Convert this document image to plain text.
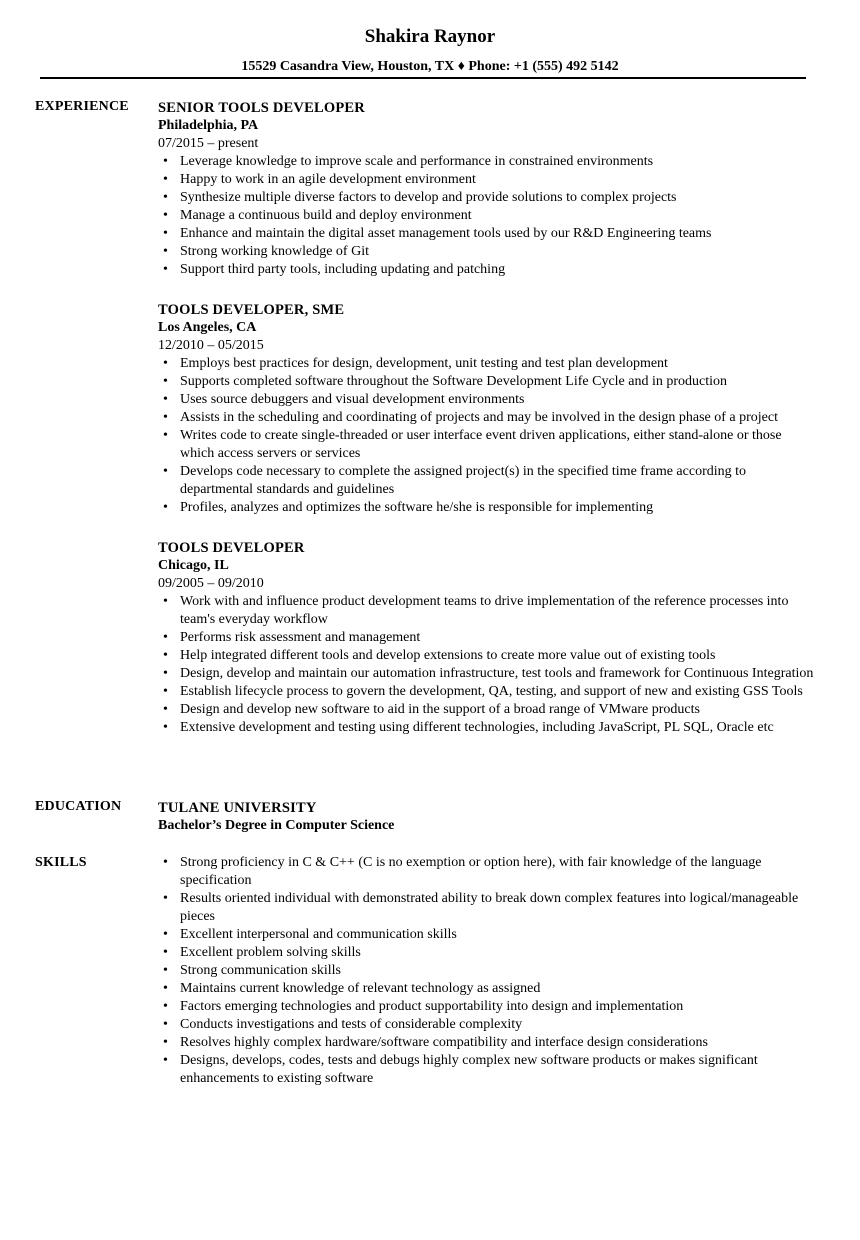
Shakira Raynor
15529 Casandra View, Houston, TX ♦ Phone: +1 (555) 492 5142
EXPERIENCE SENIOR TOOLS DEVELOPER
Philadelphia, PA
07/2015 – present
• Leverage knowledge to improve scale and performance in constrained environments
• Happy to work in an agile development environment
• Synthesize multiple diverse factors to develop and provide solutions to complex projects
• Manage a continuous build and deploy environment
• Enhance and maintain the digital asset management tools used by our R&D Engineering teams
• Strong working knowledge of Git
• Support third party tools, including updating and patching
TOOLS DEVELOPER, SME
Los Angeles, CA
12/2010 – 05/2015
• Employs best practices for design, development, unit testing and test plan development
• Supports completed software throughout the Software Development Life Cycle and in production
• Uses source debuggers and visual development environments
• Assists in the scheduling and coordinating of projects and may be involved in the design phase of a project
• Writes code to create single-threaded or user interface event driven applications, either stand-alone or those which access servers or services
• Develops code necessary to complete the assigned project(s) in the specified time frame according to departmental standards and guidelines
• Profiles, analyzes and optimizes the software he/she is responsible for implementing
TOOLS DEVELOPER
Chicago, IL
09/2005 – 09/2010
• Work with and influence product development teams to drive implementation of the reference processes into team's everyday workflow
• Performs risk assessment and management
• Help integrated different tools and develop extensions to create more value out of existing tools
• Design, develop and maintain our automation infrastructure, test tools and framework for Continuous Integration
• Establish lifecycle process to govern the development, QA, testing, and support of new and existing GSS Tools
• Design and develop new software to aid in the support of a broad range of VMware products
• Extensive development and testing using different technologies, including JavaScript, PL SQL, Oracle etc
EDUCATION	TULANE UNIVERSITY
Bachelor’s Degree in Computer Science
SKILLS
•	Strong proficiency in C & C++ (C is no exemption or option here), with fair knowledge of the language specification
• Results oriented individual with demonstrated ability to break down complex features into logical/manageable pieces
• Excellent interpersonal and communication skills
• Excellent problem solving skills
• Strong communication skills
• Maintains current knowledge of relevant technology as assigned
• Factors emerging technologies and product supportability into design and implementation
• Conducts investigations and tests of considerable complexity
• Resolves highly complex hardware/software compatibility and interface design considerations
• Designs, develops, codes, tests and debugs highly complex new software products or makes significant enhancements to existing software
